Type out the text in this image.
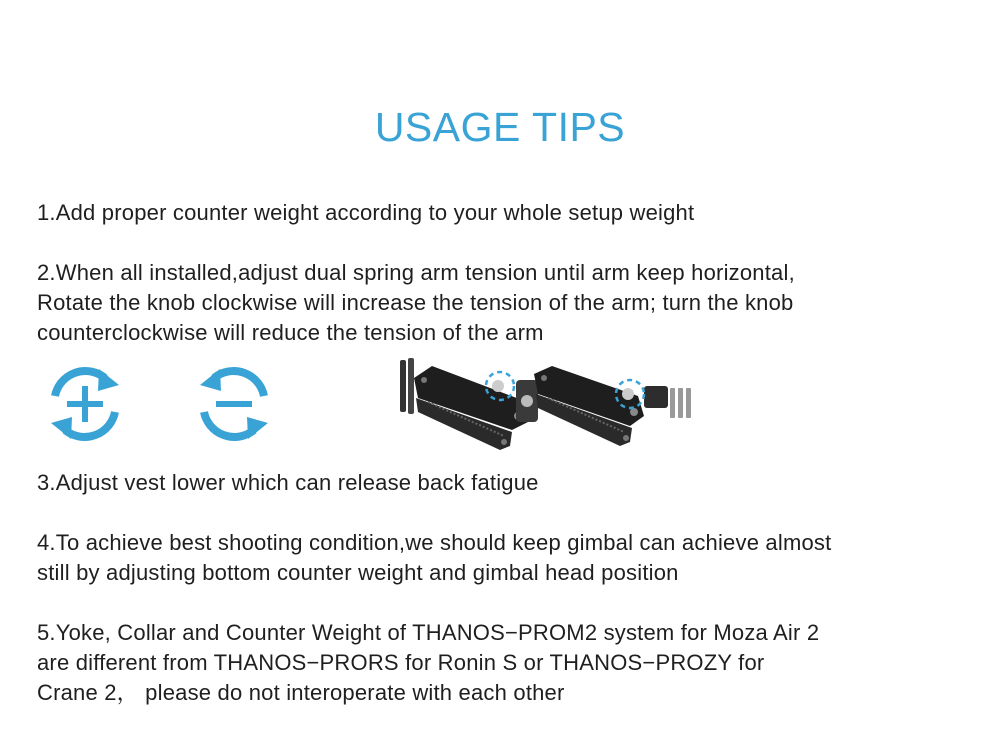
USAGE TIPS
1.Add proper counter weight according to your whole setup weight
2.When all installed,adjust dual spring arm tension until arm keep horizontal,
Rotate the knob clockwise will increase the tension of the arm; turn the knob
counterclockwise will reduce the tension of the arm
3.Adjust vest lower which can release back fatigue
4.To achieve best shooting condition,we should keep gimbal can achieve almost
still by adjusting bottom counter weight and gimbal head position
5.Yoke, Collar and Counter Weight of THANOS−PROM2 system for Moza Air 2
are different from THANOS−PRORS for Ronin S or THANOS−PROZY for
Crane 2， please do not interoperate with each other
